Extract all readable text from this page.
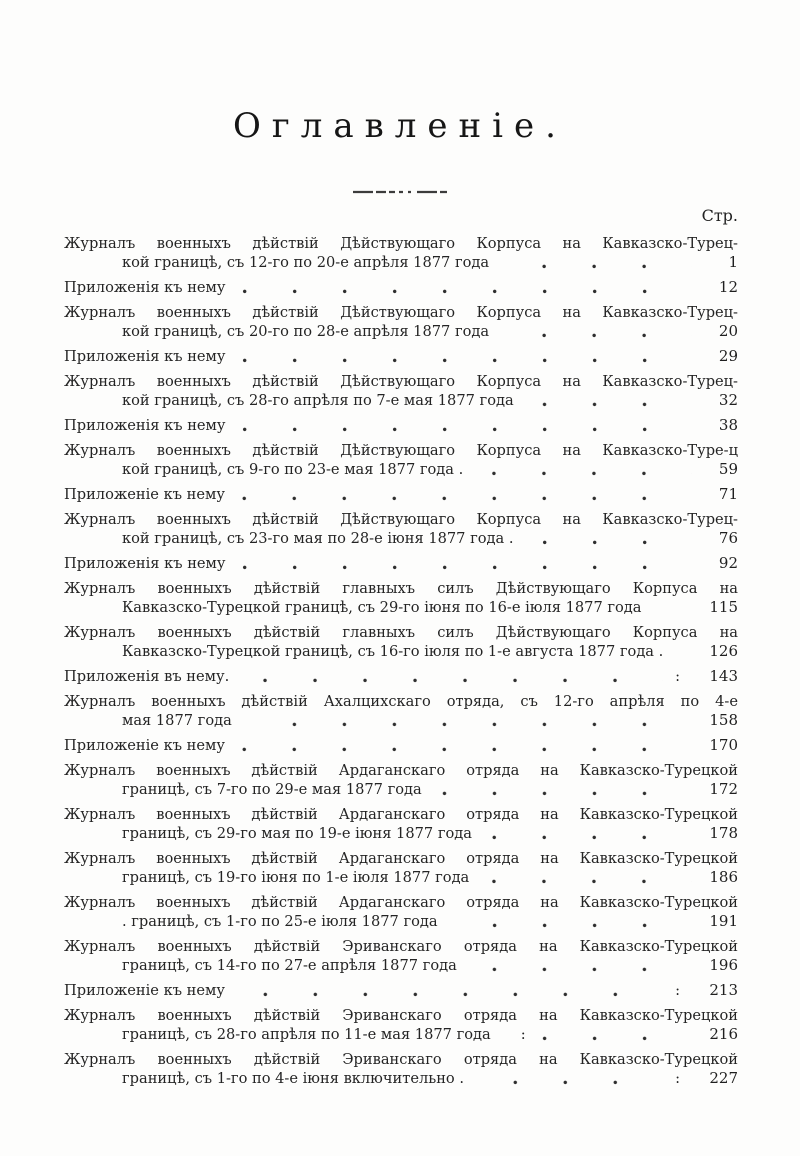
Оглавленіе.
Стр.
Журналъ военныхъ дѣйствій Дѣйствующаго Корпуса на Кавказско-Турец-
кой границѣ, съ 12-го по 20-е апрѣля 1877 года	1
Приложенія къ нему	12
Журналъ военныхъ дѣйствій Дѣйствующаго Корпуса на Кавказско-Турец-
кой границѣ, съ 20-го по 28-е апрѣля 1877 года	20
Приложенія къ нему	29
Журналъ военныхъ дѣйствій Дѣйствующаго Корпуса на Кавказско-Турец-
кой границѣ, съ 28-го апрѣля по 7-е мая 1877 года	32
Приложенія къ нему	38
Журналъ военныхъ дѣйствій Дѣйствующаго Корпуса на Кавказско-Туре-ц
кой границѣ, съ 9-го по 23-е мая 1877 года .	59
Приложеніе къ нему	71
Журналъ военныхъ дѣйствій Дѣйствующаго Корпуса на Кавказско-Турец-
кой границѣ, съ 23-го мая по 28-е іюня 1877 года .	76
Приложенія къ нему	92
Журналъ военныхъ дѣйствій главныхъ силъ Дѣйствующаго Корпуса на
Кавказско-Турецкой границѣ, съ 29-го іюня по 16-е іюля 1877 года	115
Журналъ военныхъ дѣйствій главныхъ силъ Дѣйствующаго Корпуса на
Кавказско-Турецкой границѣ, съ 16-го іюля по 1-е августа 1877 года .	126
Приложенія въ нему.	:	143
Журналъ военныхъ дѣйствій Ахалцихскаго отряда, съ 12-го апрѣля по 4-е
мая 1877 года	158
Приложеніе къ нему	170
Журналъ военныхъ дѣйствій Ардаганскаго отряда на Кавказско-Турецкой
границѣ, съ 7-го по 29-е мая 1877 года	172
Журналъ военныхъ дѣйствій Ардаганскаго отряда на Кавказско-Турецкой
границѣ, съ 29-го мая по 19-е іюня 1877 года	178
Журналъ военныхъ дѣйствій Ардаганскаго отряда на Кавказско-Турецкой
границѣ, съ 19-го іюня по 1-е іюля 1877 года	186
Журналъ военныхъ дѣйствій Ардаганскаго отряда на Кавказско-Турецкой
. границѣ, съ 1-го по 25-е іюля 1877 года	191
Журналъ военныхъ дѣйствій Эриванскаго отряда на Кавказско-Турецкой
границѣ, съ 14-го по 27-е апрѣля 1877 года	196
Приложеніе къ нему	:	213
Журналъ военныхъ дѣйствій Эриванскаго отряда на Кавказско-Турецкой
границѣ, съ 28-го апрѣля по 11-е мая 1877 года :	216
Журналъ военныхъ дѣйствій Эриванскаго отряда на Кавказско-Турецкой
границѣ, съ 1-го по 4-е іюня включительно .	:	227
